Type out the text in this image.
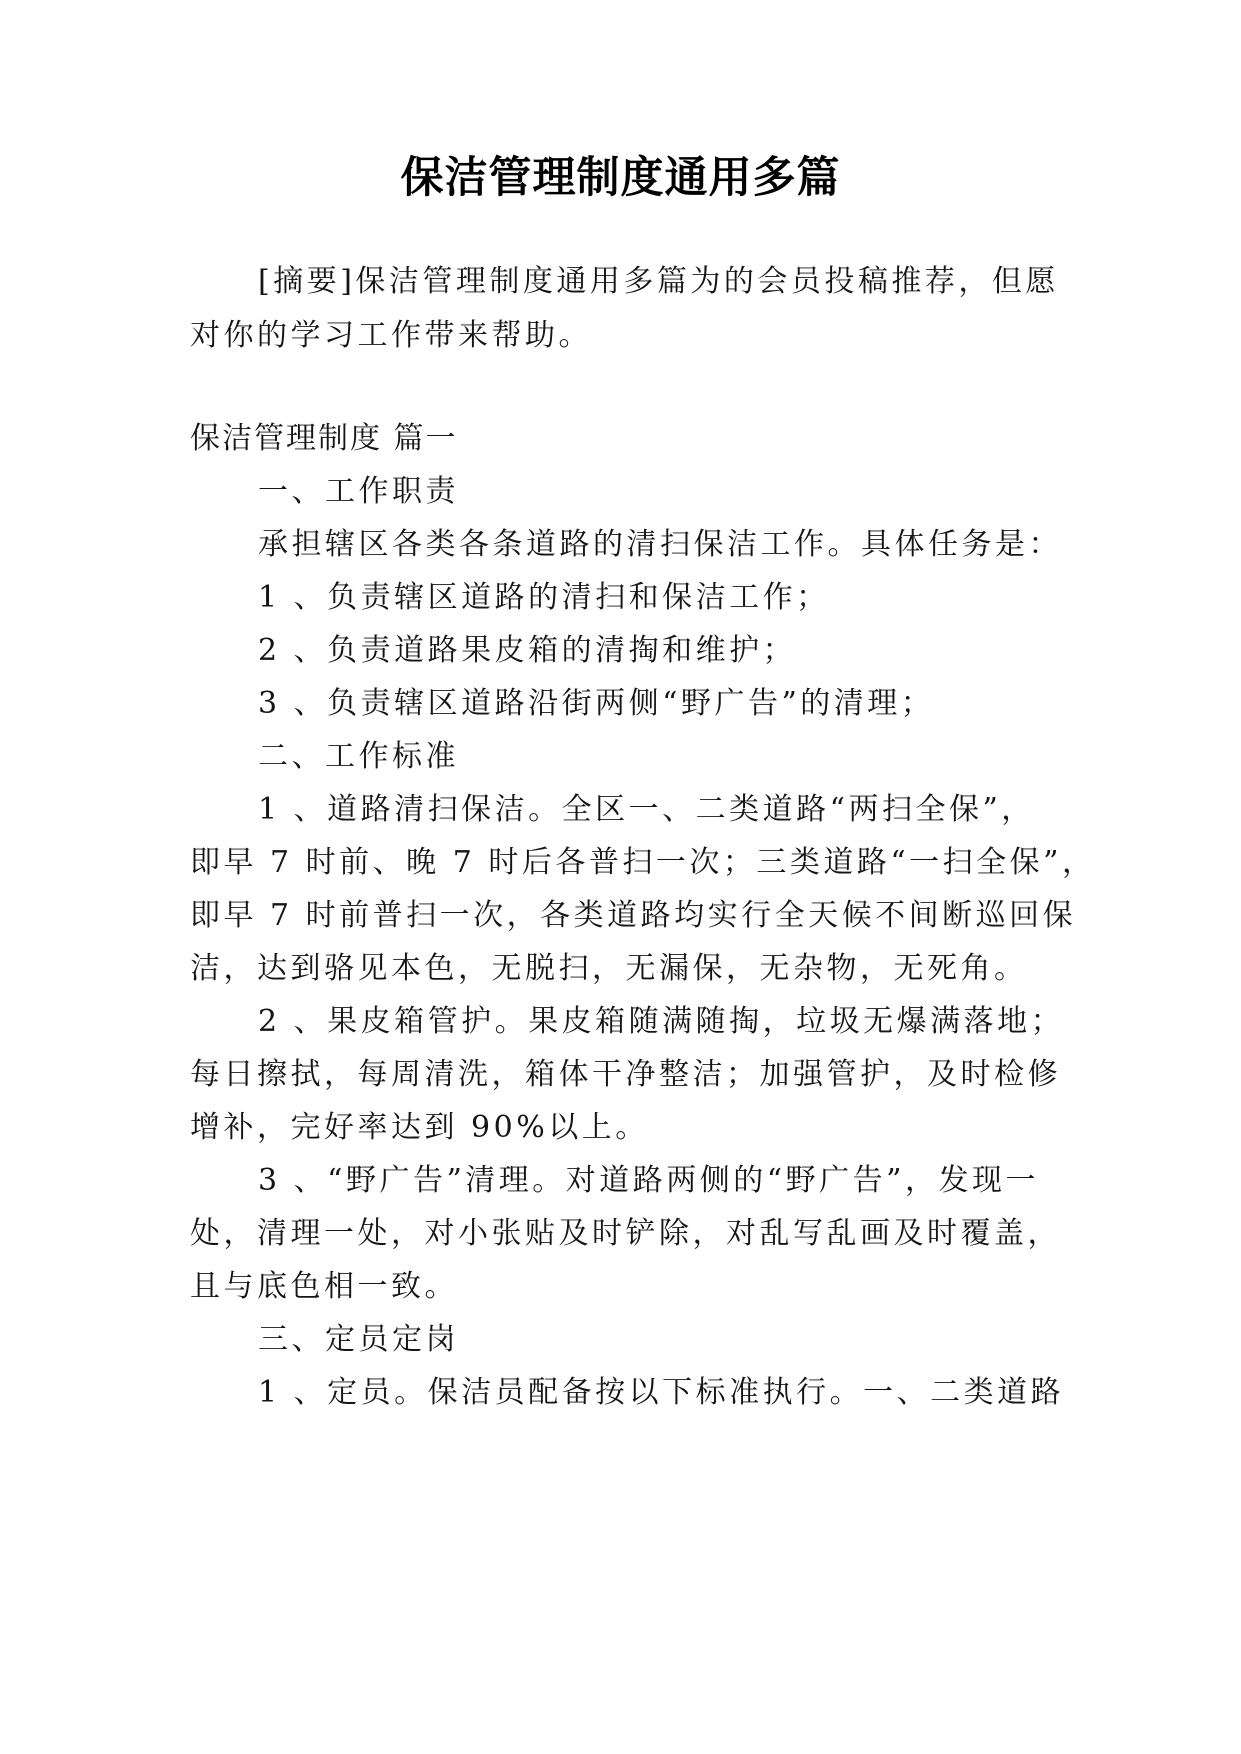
保洁管理制度通用多篇
[摘要]保洁管理制度通用多篇为的会员投稿推荐，但愿
对你的学习工作带来帮助。
保洁管理制度 篇一
一、工作职责
承担辖区各类各条道路的清扫保洁工作。具体任务是：
1 、负责辖区道路的清扫和保洁工作；
2 、负责道路果皮箱的清掏和维护；
3 、负责辖区道路沿街两侧“野广告”的清理；
二、工作标准
1 、道路清扫保洁。全区一、二类道路“两扫全保”，
即早 7 时前、晚 7 时后各普扫一次；三类道路“一扫全保”，
即早 7 时前普扫一次，各类道路均实行全天候不间断巡回保
洁，达到骆见本色，无脱扫，无漏保，无杂物，无死角。
2 、果皮箱管护。果皮箱随满随掏，垃圾无爆满落地；
每日擦拭，每周清洗，箱体干净整洁；加强管护，及时检修
增补，完好率达到 90%以上。
3 、“野广告”清理。对道路两侧的“野广告”，发现一
处，清理一处，对小张贴及时铲除，对乱写乱画及时覆盖，
且与底色相一致。
三、定员定岗
1 、定员。保洁员配备按以下标准执行。一、二类道路
